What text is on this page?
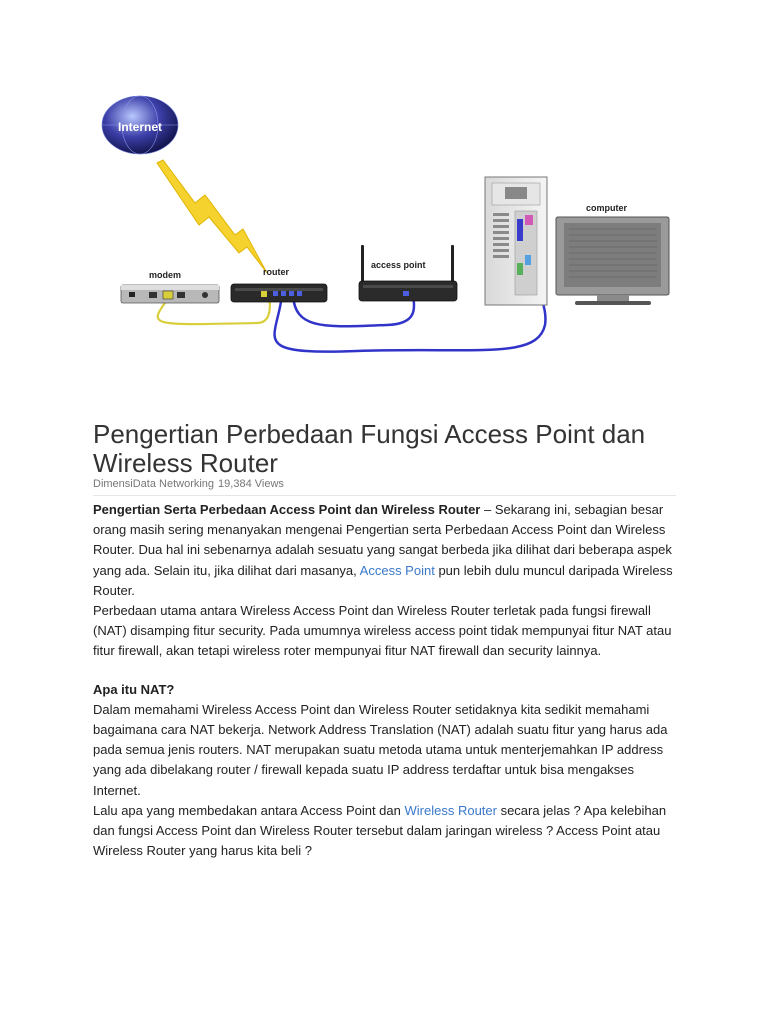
Internet
modem	router
access point
computer
Pengertian Perbedaan Fungsi Access Point dan Wireless Router
DimensiData Networking 19,384 Views

Pengertian Serta Perbedaan Access Point dan Wireless Router – Sekarang ini, sebagian besar orang masih sering menanyakan mengenai Pengertian serta Perbedaan Access Point dan Wireless Router. Dua hal ini sebenarnya adalah sesuatu yang sangat berbeda jika dilihat dari beberapa aspek yang ada. Selain itu, jika dilihat dari masanya, Access Point pun lebih dulu muncul daripada Wireless Router.

Perbedaan utama antara Wireless Access Point dan Wireless Router terletak pada fungsi firewall (NAT) disamping fitur security. Pada umumnya wireless access point tidak mempunyai fitur NAT atau fitur firewall, akan tetapi wireless roter mempunyai fitur NAT firewall dan security lainnya.

Apa itu NAT?

Dalam memahami Wireless Access Point dan Wireless Router setidaknya kita sedikit memahami bagaimana cara NAT bekerja. Network Address Translation (NAT) adalah suatu fitur yang harus ada pada semua jenis routers. NAT merupakan suatu metoda utama untuk menterjemahkan IP address yang ada dibelakang router / firewall kepada suatu IP address terdaftar untuk bisa mengakses Internet.

Lalu apa yang membedakan antara Access Point dan Wireless Router secara jelas ? Apa kelebihan dan fungsi Access Point dan Wireless Router tersebut dalam jaringan wireless ? Access Point atau Wireless Router yang harus kita beli ?
